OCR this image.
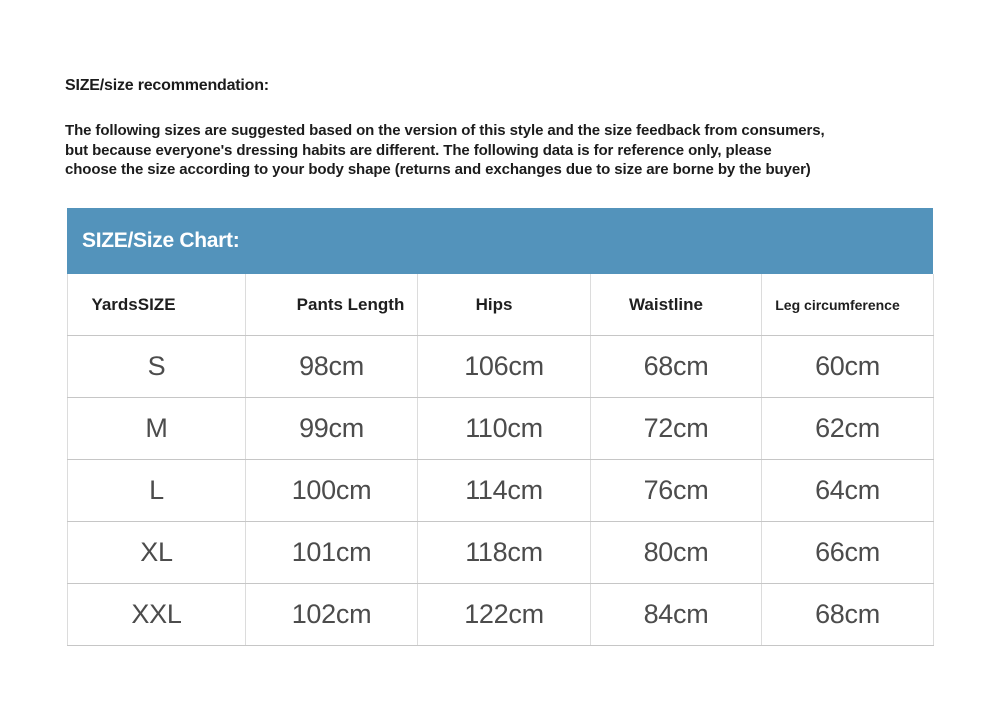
SIZE/size recommendation:
The following sizes are suggested based on the version of this style and the size feedback from consumers,
but because everyone's dressing habits are different. The following data is for reference only, please
choose the size according to your body shape (returns and exchanges due to size are borne by the buyer)
SIZE/Size Chart:
YardsSIZE	Pants Length	Hips	Waistline	Leg circumference
S	98cm	106cm	68cm	60cm
M	99cm	110cm	72cm	62cm
L	100cm	114cm	76cm	64cm
XL	101cm	118cm	80cm	66cm
XXL	102cm	122cm	84cm	68cm
